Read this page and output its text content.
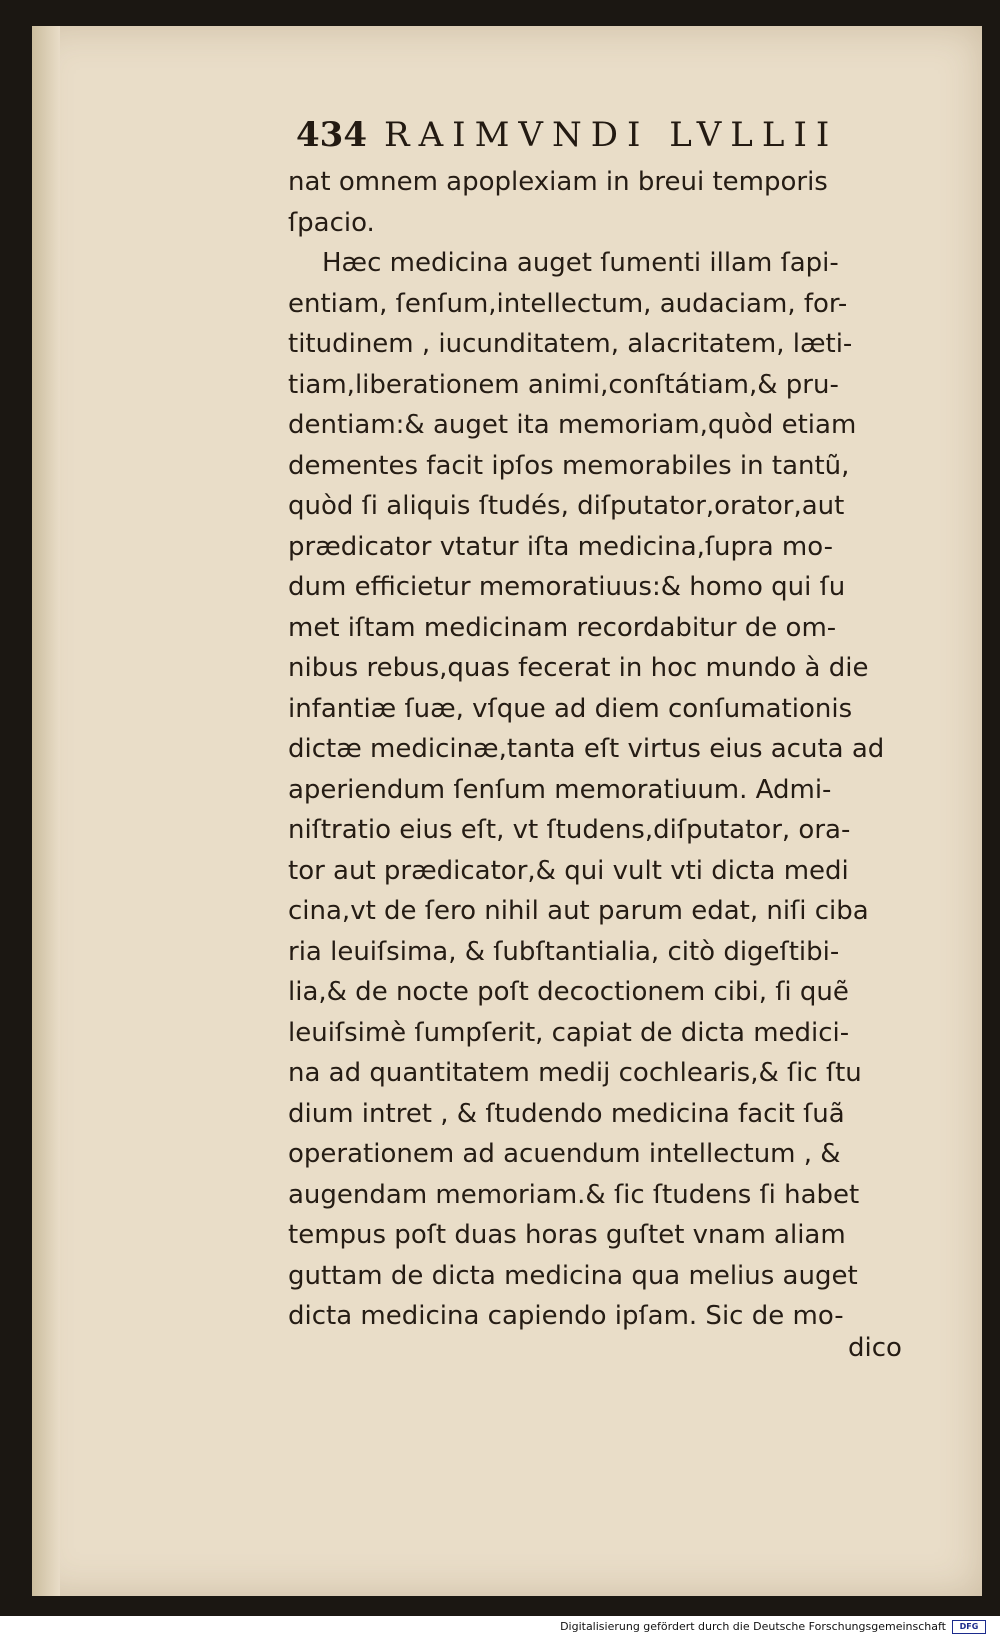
434 RAIMVNDI LVLLII
nat omnem apoplexiam in breui temporis
ſpacio.
Hæc medicina auget ſumenti illam ſapi-
entiam, ſenſum,intellectum, audaciam, for-
titudinem , iucunditatem, alacritatem, læti-
tiam,liberationem animi,conſtátiam,& pru-
dentiam:& auget ita memoriam,quòd etiam
dementes facit ipſos memorabiles in tantũ,
quòd ſi aliquis ſtudés, diſputator,orator,aut
prædicator vtatur iſta medicina,ſupra mo-
dum efficietur memoratiuus:& homo qui ſu
met iſtam medicinam recordabitur de om-
nibus rebus,quas fecerat in hoc mundo à die
infantiæ ſuæ, vſque ad diem conſumationis
dictæ medicinæ,tanta eſt virtus eius acuta ad
aperiendum ſenſum memoratiuum. Admi-
niſtratio eius eſt, vt ſtudens,diſputator, ora-
tor aut prædicator,& qui vult vti dicta medi
cina,vt de ſero nihil aut parum edat, niſi ciba
ria leuiſsima, & ſubſtantialia, citò digeſtibi-
lia,& de nocte poſt decoctionem cibi, ſi quẽ
leuiſsimè ſumpſerit, capiat de dicta medici-
na ad quantitatem medij cochlearis,& ſic ſtu
dium intret , & ſtudendo medicina facit ſuã
operationem ad acuendum intellectum , &
augendam memoriam.& ſic ſtudens ſi habet
tempus poſt duas horas guſtet vnam aliam
guttam de dicta medicina qua melius auget
dicta medicina capiendo ipſam. Sic de mo-
dico
Digitalisierung gefördert durch die Deutsche Forschungsgemeinschaft	DFG
